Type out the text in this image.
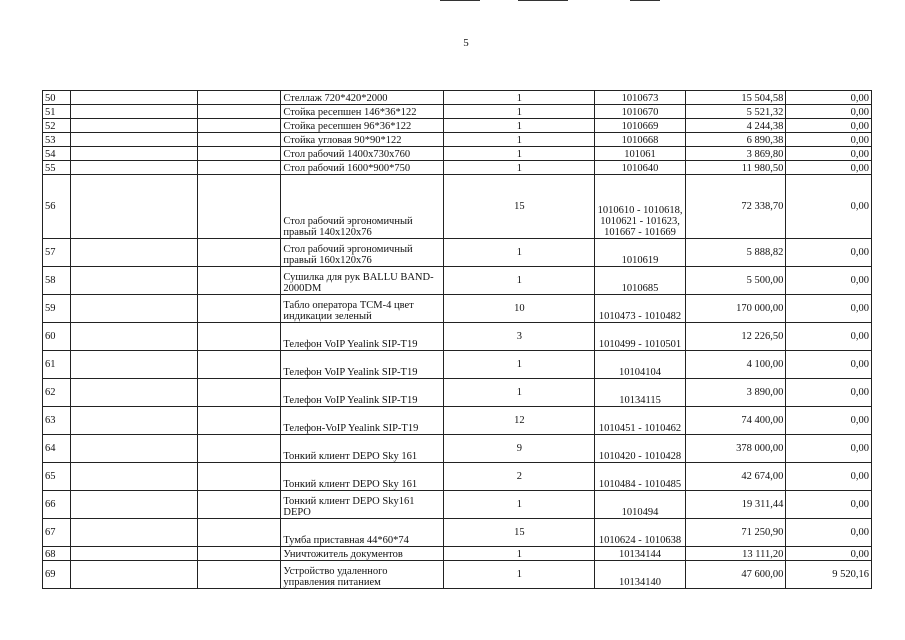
5
50			Стеллаж 720*420*2000	1	1010673	15 504,58	0,00
51			Стойка ресепшен 146*36*122	1	1010670	5 521,32	0,00
52			Стойка ресепшен 96*36*122	1	1010669	4 244,38	0,00
53			Стойка угловая 90*90*122	1	1010668	6 890,38	0,00
54			Стол рабочий 1400x730x760	1	101061	3 869,80	0,00
55			Стол рабочий 1600*900*750	1	1010640	11 980,50	0,00
56			Стол рабочий эргономичный правый 140x120x76	15	1010610 - 1010618, 1010621 - 101623, 101667 - 101669	72 338,70	0,00
57			Стол рабочий эргономичный правый 160x120x76	1	1010619	5 888,82	0,00
58			Сушилка для рук BALLU BAND-2000DM	1	1010685	5 500,00	0,00
59			Табло оператора ТСМ-4 цвет индикации зеленый	10	1010473 - 1010482	170 000,00	0,00
60			Телефон VoIP Yealink SIP-T19	3	1010499 - 1010501	12 226,50	0,00
61			Телефон VoIP Yealink SIP-T19	1	10104104	4 100,00	0,00
62			Телефон VoIP Yealink SIP-T19	1	10134115	3 890,00	0,00
63			Телефон-VoIP Yealink SIP-T19	12	1010451 - 1010462	74 400,00	0,00
64			Тонкий клиент DEPO Sky 161	9	1010420 - 1010428	378 000,00	0,00
65			Тонкий клиент DEPO Sky 161	2	1010484 - 1010485	42 674,00	0,00
66			Тонкий клиент DEPO Sky161 DEPO	1	1010494	19 311,44	0,00
67			Тумба приставная 44*60*74	15	1010624 - 1010638	71 250,90	0,00
68			Уничтожитель документов	1	10134144	13 111,20	0,00
69			Устройство удаленного управления питанием	1	10134140	47 600,00	9 520,16
